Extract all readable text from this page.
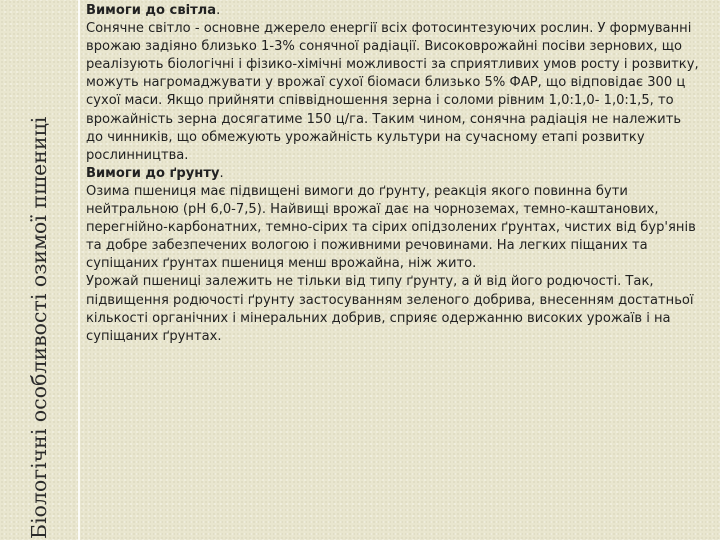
Біологічні особливості озимої пшениці

Вимоги до світла.

Сонячне світло - основне джерело енергії всіх фотосинтезуючих рослин. У формуванні врожаю задіяно близько 1-3% сонячної радіації. Високоврожайні посіви зернових, що реалізують біологічні і фізико-хімічні можливості за сприятливих умов росту і розвитку, можуть нагромаджувати у врожаї сухої біомаси близько 5% ФАР, що відповідає 300 ц сухої маси. Якщо прийняти співвідношення зерна і соломи рівним 1,0:1,0- 1,0:1,5, то врожайність зерна досягатиме 150 ц/га. Таким чином, сонячна радіація не належить до чинників, що обмежують урожайність культури на сучасному етапі розвитку рослинництва.

Вимоги до ґрунту.

Озима пшениця має підвищені вимоги до ґрунту, реакція якого повинна бути нейтральною (pH 6,0-7,5). Найвищі врожаї дає на чорноземах, темно-каштанових, перегнійно-карбонатних, темно-сірих та сірих опідзолених ґрунтах, чистих від бур'янів та добре забезпечених вологою і поживними речовинами. На легких піщаних та супіщаних ґрунтах пшениця менш врожайна, ніж жито.

Урожай пшениці залежить не тільки від типу ґрунту, а й від його родючості. Так, підвищення родючості ґрунту застосуванням зеленого добрива, внесенням достатньої кількості органічних і мінеральних добрив, сприяє одержанню високих урожаїв і на супіщаних ґрунтах.
